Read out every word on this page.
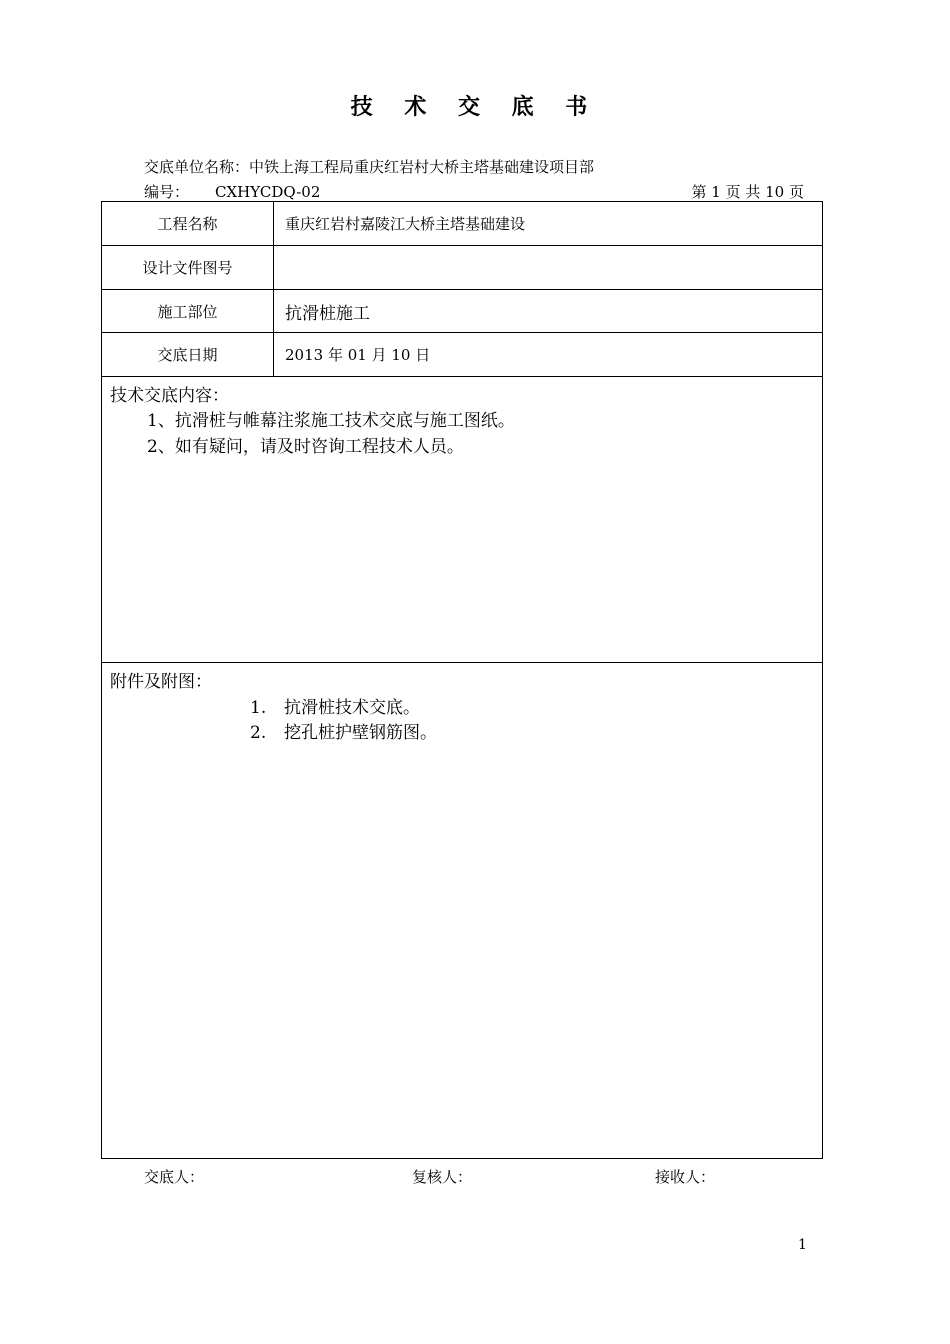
技 术 交 底 书
交底单位名称：中铁上海工程局重庆红岩村大桥主塔基础建设项目部
编号： CXHYCDQ-02	第 1 页 共 10 页
工程名称	重庆红岩村嘉陵江大桥主塔基础建设
设计文件图号
施工部位	抗滑桩施工
交底日期	2013 年 01 月 10 日
技术交底内容：
1、抗滑桩与帷幕注浆施工技术交底与施工图纸。
2、如有疑问，请及时咨询工程技术人员。
附件及附图：
1. 抗滑桩技术交底。
2. 挖孔桩护壁钢筋图。
交底人：	复核人：	接收人：
1
